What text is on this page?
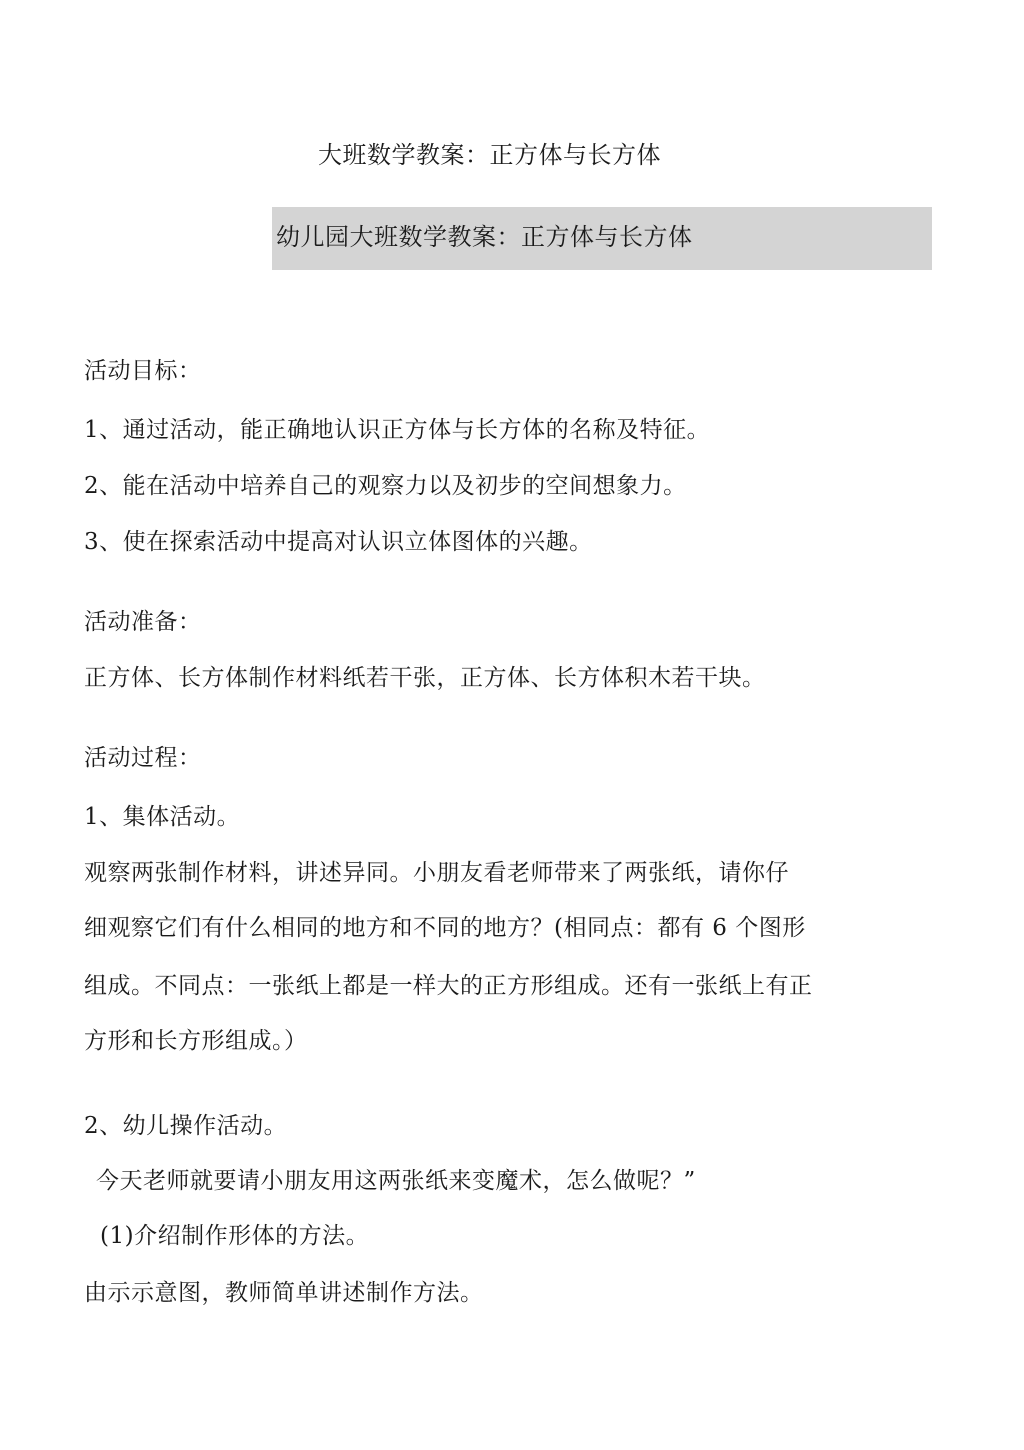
大班数学教案：正方体与长方体
幼儿园大班数学教案：正方体与长方体
活动目标：
1、通过活动，能正确地认识正方体与长方体的名称及特征。
2、能在活动中培养自己的观察力以及初步的空间想象力。
3、使在探索活动中提高对认识立体图体的兴趣。
活动准备：
正方体、长方体制作材料纸若干张，正方体、长方体积木若干块。
活动过程：
1、集体活动。
观察两张制作材料，讲述异同。小朋友看老师带来了两张纸，请你仔
细观察它们有什么相同的地方和不同的地方？(相同点：都有 6 个图形
组成。不同点：一张纸上都是一样大的正方形组成。还有一张纸上有正
方形和长方形组成。）
2、幼儿操作活动。
今天老师就要请小朋友用这两张纸来变魔术，怎么做呢？”
(1)介绍制作形体的方法。
由示示意图，教师简单讲述制作方法。
